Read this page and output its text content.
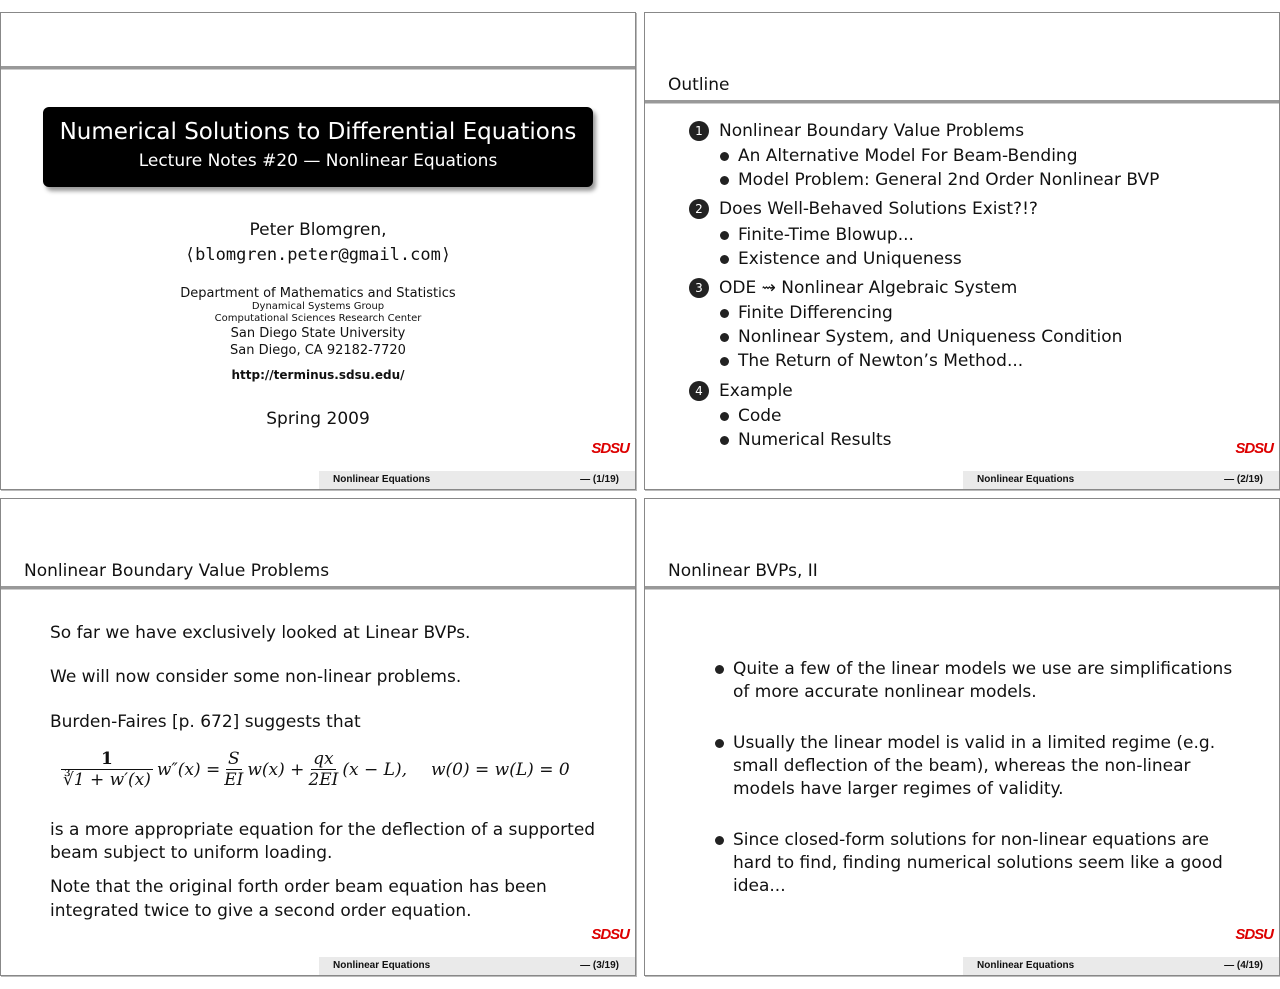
Numerical Solutions to Differential Equations
Lecture Notes #20 — Nonlinear Equations
Peter Blomgren,
⟨blomgren.peter@gmail.com⟩
Department of Mathematics and Statistics
Dynamical Systems Group
Computational Sciences Research Center
San Diego State University
San Diego, CA 92182-7720
http://terminus.sdsu.edu/
Spring 2009
SDSU
Nonlinear Equations	— (1/19)
Outline
1 Nonlinear Boundary Value Problems
An Alternative Model For Beam-Bending
Model Problem: General 2nd Order Nonlinear BVP
2 Does Well-Behaved Solutions Exist?!?
Finite-Time Blowup...
Existence and Uniqueness
3 ODE ⇝ Nonlinear Algebraic System
Finite Differencing
Nonlinear System, and Uniqueness Condition
The Return of Newton’s Method...
4 Example
Code
Numerical Results	SDSU
Nonlinear Equations	— (2/19)
Nonlinear Boundary Value Problems
So far we have exclusively looked at Linear BVPs.
We will now consider some non-linear problems.
Burden-Faires [p. 672] suggests that
$\frac{1}{∛1 + w'(x)} w''(x) = \frac{S}{EI} w(x) + \frac{qx}{2EI} (x - L)$, w(0) = w(L) = 0
is a more appropriate equation for the deflection of a supported
beam subject to uniform loading.
Note that the original forth order beam equation has been
integrated twice to give a second order equation.
SDSU
Nonlinear Equations	— (3/19)
Nonlinear BVPs, II
Quite a few of the linear models we use are simplifications of more accurate nonlinear models.
Usually the linear model is valid in a limited regime (e.g. small deflection of the beam), whereas the non-linear models have larger regimes of validity.
Since closed-form solutions for non-linear equations are hard to find, finding numerical solutions seem like a good idea...
SDSU
Nonlinear Equations	— (4/19)
